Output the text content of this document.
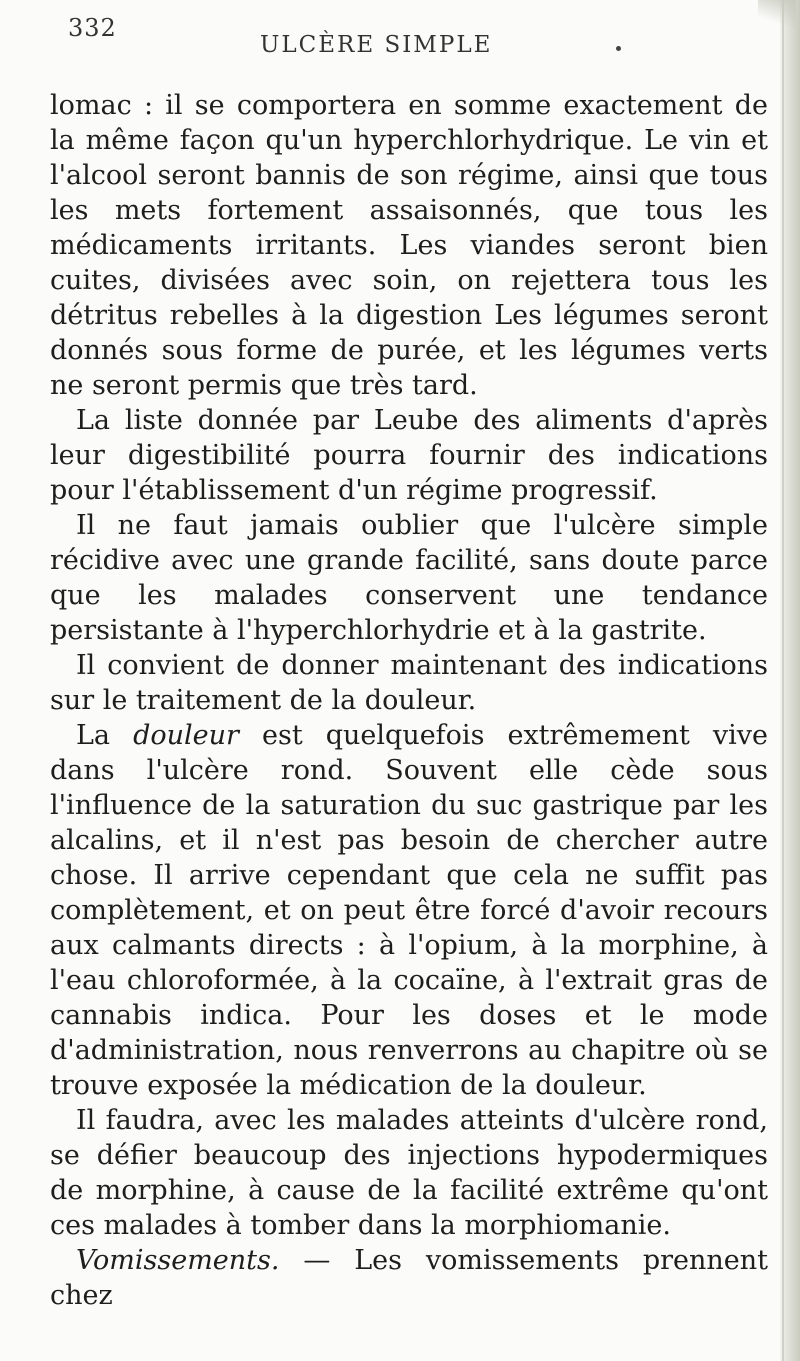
332
ULCÈRE SIMPLE

lomac : il se comportera en somme exactement de la même façon qu'un hyperchlorhydrique. Le vin et l'alcool seront bannis de son régime, ainsi que tous les mets fortement assaisonnés, que tous les médicaments irritants. Les viandes seront bien cuites, divisées avec soin, on rejettera tous les détritus rebelles à la digestion Les légumes seront donnés sous forme de purée, et les légumes verts ne seront permis que très tard.

La liste donnée par Leube des aliments d'après leur digestibilité pourra fournir des indications pour l'établissement d'un régime progressif.

Il ne faut jamais oublier que l'ulcère simple récidive avec une grande facilité, sans doute parce que les malades conservent une tendance persistante à l'hyperchlorhydrie et à la gastrite.

Il convient de donner maintenant des indications sur le traitement de la douleur.

La douleur est quelquefois extrêmement vive dans l'ulcère rond. Souvent elle cède sous l'influence de la saturation du suc gastrique par les alcalins, et il n'est pas besoin de chercher autre chose. Il arrive cependant que cela ne suffit pas complètement, et on peut être forcé d'avoir recours aux calmants directs : à l'opium, à la morphine, à l'eau chloroformée, à la cocaïne, à l'extrait gras de cannabis indica. Pour les doses et le mode d'administration, nous renverrons au chapitre où se trouve exposée la médication de la douleur.

Il faudra, avec les malades atteints d'ulcère rond, se défier beaucoup des injections hypodermiques de morphine, à cause de la facilité extrême qu'ont ces malades à tomber dans la morphiomanie.

Vomissements. — Les vomissements prennent chez
